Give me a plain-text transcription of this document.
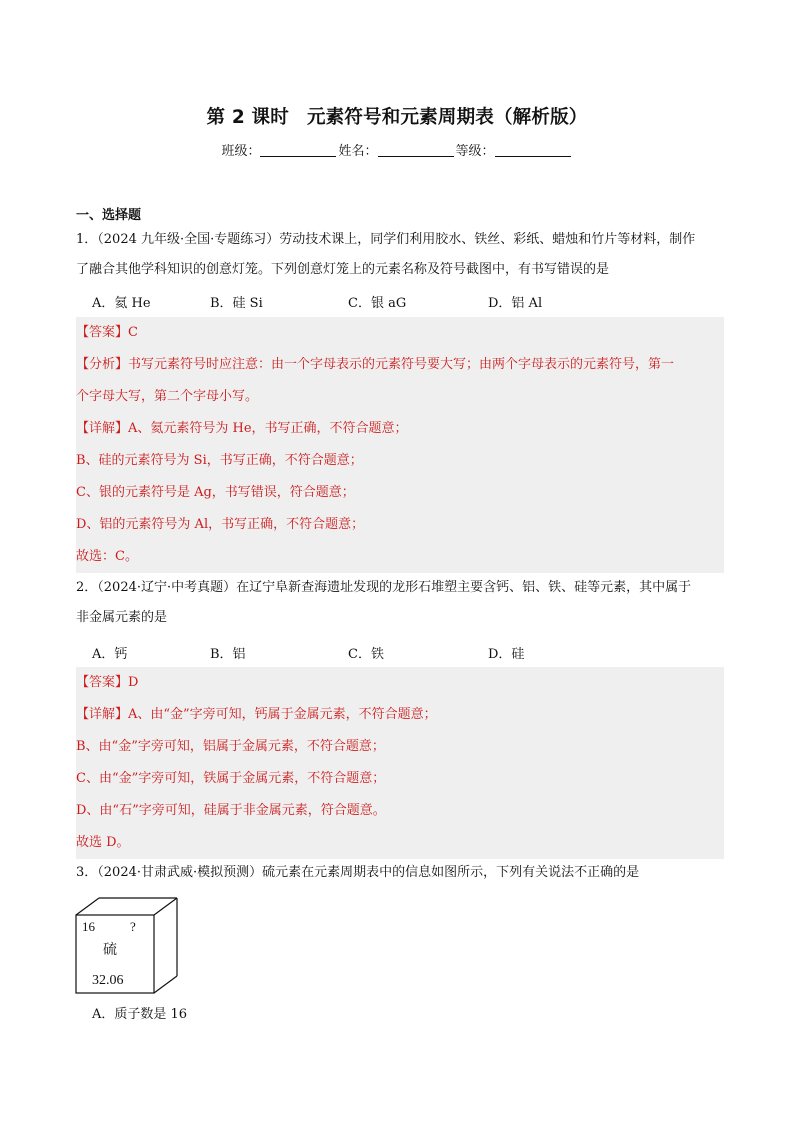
第 2 课时 元素符号和元素周期表（解析版）
班级：	姓名：	等级：
一、选择题
1．（2024 九年级·全国·专题练习）劳动技术课上，同学们利用胶水、铁丝、彩纸、蜡烛和竹片等材料，制作
了融合其他学科知识的创意灯笼。下列创意灯笼上的元素名称及符号截图中，有书写错误的是
A．氦 He	B．硅 Si	C．银 aG	D．铝 Al
【答案】C
【分析】书写元素符号时应注意：由一个字母表示的元素符号要大写；由两个字母表示的元素符号，第一
个字母大写，第二个字母小写。
【详解】A、氦元素符号为 He，书写正确，不符合题意；
B、硅的元素符号为 Si，书写正确，不符合题意；
C、银的元素符号是 Ag，书写错误，符合题意；
D、铝的元素符号为 Al，书写正确，不符合题意；
故选：C。
2．（2024·辽宁·中考真题）在辽宁阜新查海遗址发现的龙形石堆塑主要含钙、铝、铁、硅等元素，其中属于
非金属元素的是
A．钙	B．铝	C．铁	D．硅
【答案】D
【详解】A、由“金”字旁可知，钙属于金属元素，不符合题意；
B、由“金”字旁可知，铝属于金属元素，不符合题意；
C、由“金”字旁可知，铁属于金属元素，不符合题意；
D、由“石”字旁可知，硅属于非金属元素，符合题意。
故选 D。
3．（2024·甘肃武威·模拟预测）硫元素在元素周期表中的信息如图所示，下列有关说法不正确的是
16	?
硫
32.06
A．质子数是 16
